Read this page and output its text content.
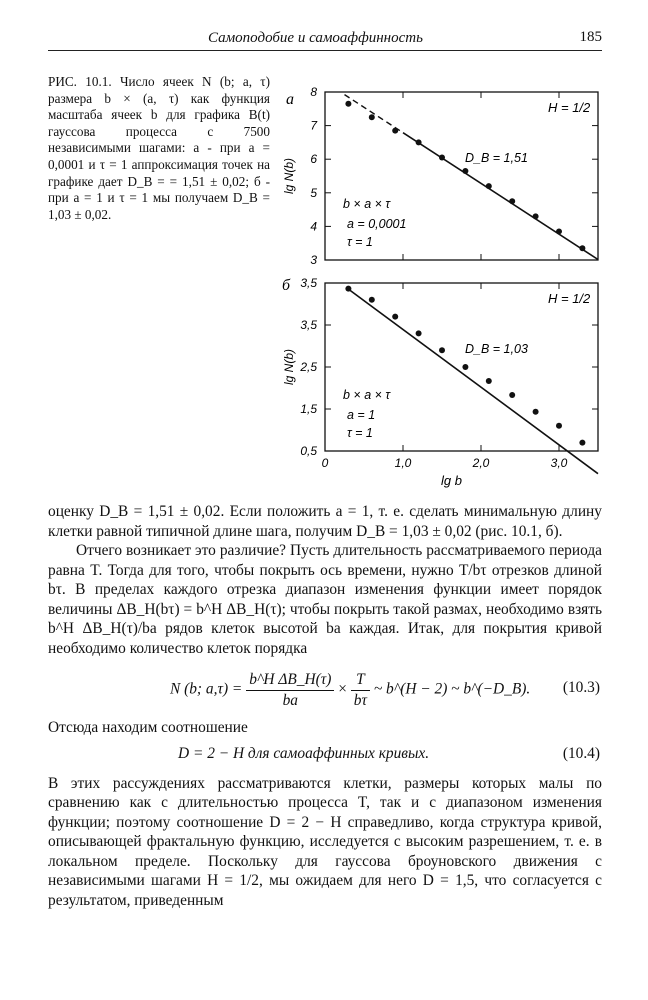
Самоподобие и самоаффинность	185
РИС. 10.1. Число ячеек N (b; a, τ) размера b × (a, τ) как функция масштаба ячеек b для графика B(t) гауссова процесса с 7500 независимыми шагами: а - при a = 0,0001 и τ = 1 аппроксимация точек на графике дает D_B = = 1,51 ± 0,02; б - при a = 1 и τ = 1 мы получаем D_B = 1,03 ± 0,02.
8
7
6
5
4
3
а
lg N(b)
H = 1/2
D_B = 1,51
b × a × τ
a = 0,0001
τ = 1
3,5
3,5
2,5
1,5
0,5
0	1,0	2,0	3,0
lg b
б
lg N(b)
H = 1/2
D_B = 1,03
b × a × τ
a = 1
τ = 1

оценку D_B = 1,51 ± 0,02. Если положить a = 1, т. е. сделать минимальную длину клетки равной типичной длине шага, получим D_B = 1,03 ± 0,02 (рис. 10.1, б).

Отчего возникает это различие? Пусть длительность рассматриваемого периода равна T. Тогда для того, чтобы покрыть ось времени, нужно T/bτ отрезков длиной bτ. В пределах каждого отрезка диапазон изменения функции имеет порядок величины ΔB_H(bτ) = b^H ΔB_H(τ); чтобы покрыть такой размах, необходимо взять b^H ΔB_H(τ)/ba рядов клеток высотой ba каждая. Итак, для покрытия кривой необходимо количество клеток порядка

N (b; $a,\tau) = \frac{\text{b\textasciicircum{}H ΔB\_H(τ)}}{ba} \times \frac{T}{b\tau}$ ~ b^(H − 2) ~ b^(−D_B). (10.3)

Отсюда находим соотношение

D = 2 − H для самоаффинных кривых.	(10.4)

В этих рассуждениях рассматриваются клетки, размеры которых малы по сравнению как с длительностью процесса T, так и с диапазоном изменения функции; поэтому соотношение D = 2 − H справедливо, когда структура кривой, описывающей фрактальную функцию, исследуется с высоким разрешением, т. е. в локальном пределе. Поскольку для гауссова броуновского движения с независимыми шагами H = 1/2, мы ожидаем для него D = 1,5, что согласуется с результатом, приведенным
